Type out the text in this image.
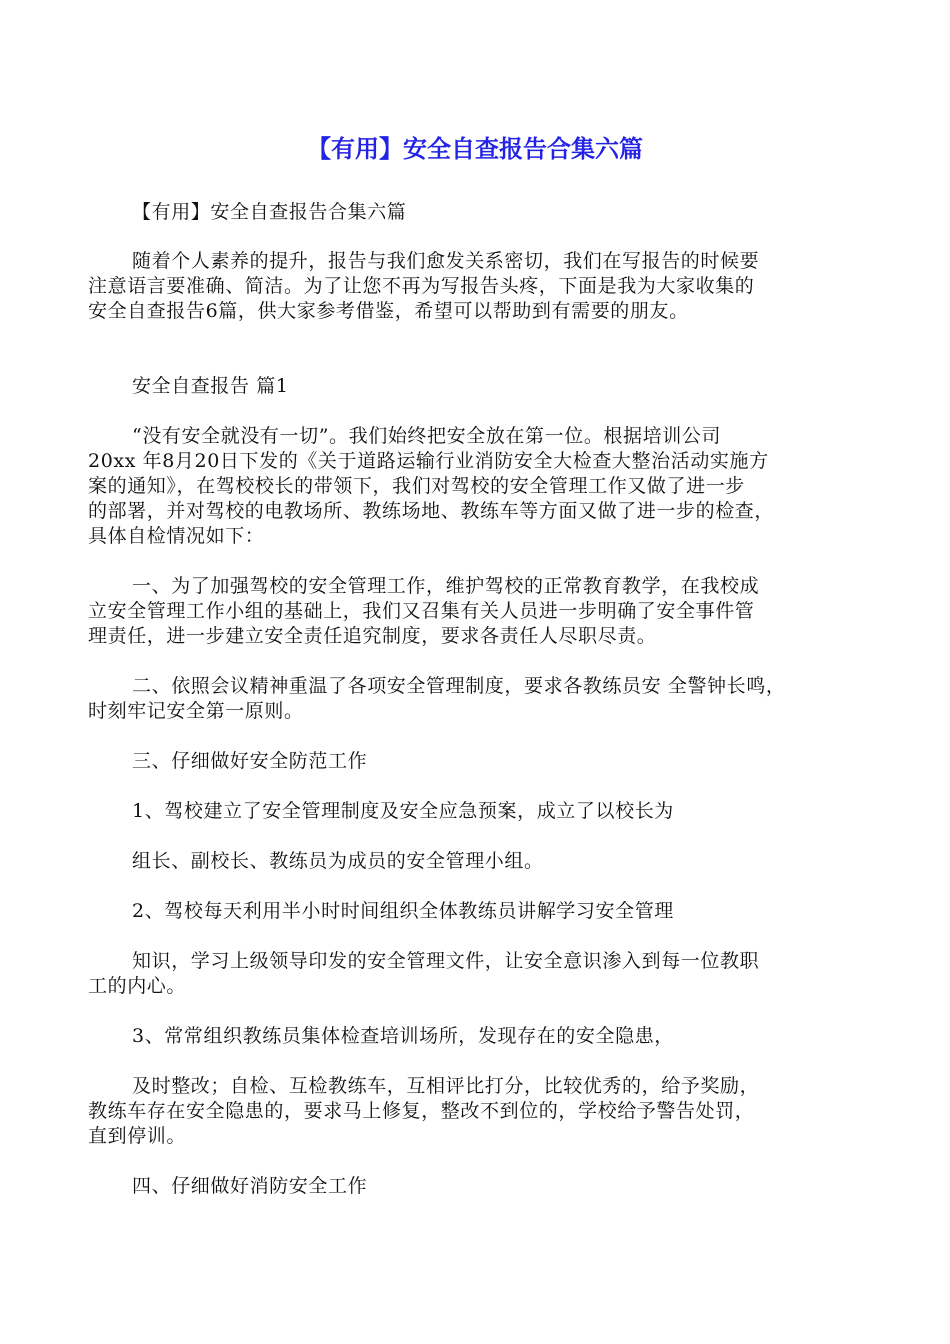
【有用】安全自查报告合集六篇
【有用】安全自查报告合集六篇
随着个人素养的提升，报告与我们愈发关系密切，我们在写报告的时候要
注意语言要准确、简洁。为了让您不再为写报告头疼，下面是我为大家收集的
安全自查报告6篇，供大家参考借鉴，希望可以帮助到有需要的朋友。
安全自查报告 篇1
“没有安全就没有一切”。我们始终把安全放在第一位。根据培训公司
20xx 年8月20日下发的《关于道路运输行业消防安全大检查大整治活动实施方
案的通知》，在驾校校长的带领下，我们对驾校的安全管理工作又做了进一步
的部署，并对驾校的电教场所、教练场地、教练车等方面又做了进一步的检查，
具体自检情况如下：
一、为了加强驾校的安全管理工作，维护驾校的正常教育教学，在我校成
立安全管理工作小组的基础上，我们又召集有关人员进一步明确了安全事件管
理责任，进一步建立安全责任追究制度，要求各责任人尽职尽责。
二、依照会议精神重温了各项安全管理制度，要求各教练员安 全警钟长鸣，
时刻牢记安全第一原则。
三、仔细做好安全防范工作
1、驾校建立了安全管理制度及安全应急预案，成立了以校长为
组长、副校长、教练员为成员的安全管理小组。
2、驾校每天利用半小时时间组织全体教练员讲解学习安全管理
知识，学习上级领导印发的安全管理文件，让安全意识渗入到每一位教职
工的内心。
3、常常组织教练员集体检查培训场所，发现存在的安全隐患，
及时整改；自检、互检教练车，互相评比打分，比较优秀的，给予奖励，
教练车存在安全隐患的，要求马上修复，整改不到位的，学校给予警告处罚，
直到停训。
四、仔细做好消防安全工作
